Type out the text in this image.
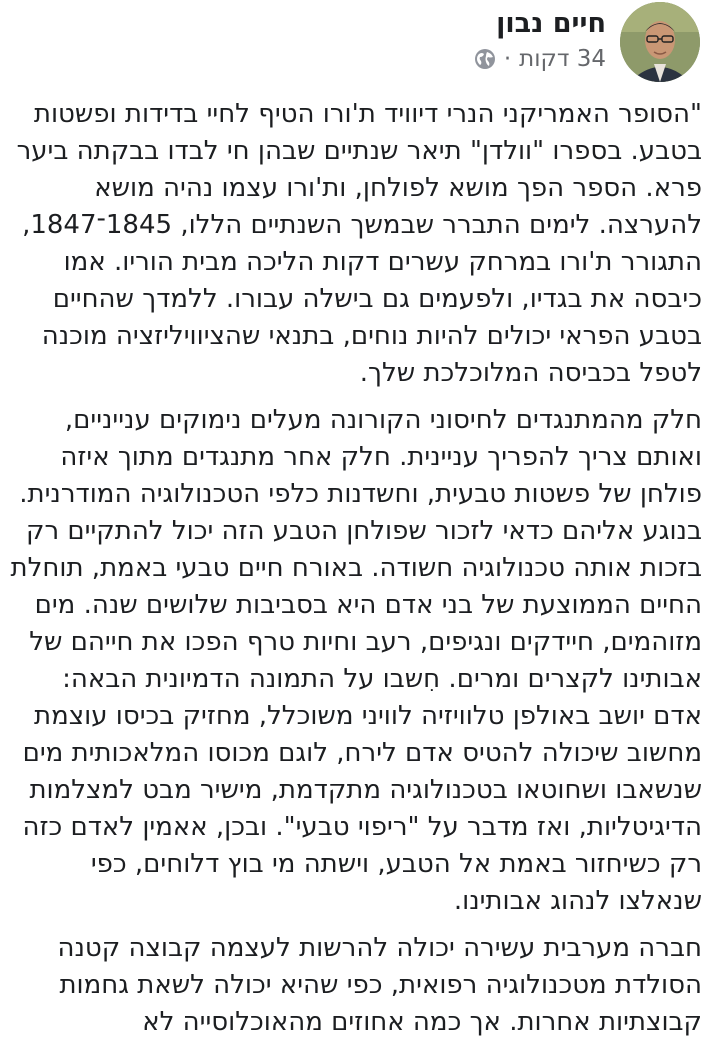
חיים נבון
34 דקות
·

"הסופר האמריקני הנרי דיוויד ת'ורו הטיף לחיי בדידות ופשטות בטבע. בספרו "וולדן" תיאר שנתיים שבהן חי לבדו בבקתה ביער פרא. הספר הפך מושא לפולחן, ות'ורו עצמו נהיה מושא להערצה. לימים התברר שבמשך השנתיים הללו, 1845־1847, התגורר ת'ורו במרחק עשרים דקות הליכה מבית הוריו. אמו כיבסה את בגדיו, ולפעמים גם בישלה עבורו. ללמדך שהחיים בטבע הפראי יכולים להיות נוחים, בתנאי שהציוויליזציה מוכנה לטפל בכביסה המלוכלכת שלך.

חלק מהמתנגדים לחיסוני הקורונה מעלים נימוקים ענייניים, ואותם צריך להפריך עניינית. חלק אחר מתנגדים מתוך איזה פולחן של פשטות טבעית, וחשדנות כלפי הטכנולוגיה המודרנית. בנוגע אליהם כדאי לזכור שפולחן הטבע הזה יכול להתקיים רק בזכות אותה טכנולוגיה חשודה. באורח חיים טבעי באמת, תוחלת החיים הממוצעת של בני אדם היא בסביבות שלושים שנה. מים מזוהמים, חיידקים ונגיפים, רעב וחיות טרף הפכו את חייהם של אבותינו לקצרים ומרים. חִשבו על התמונה הדמיונית הבאה: אדם יושב באולפן טלוויזיה לוויני משוכלל, מחזיק בכיסו עוצמת מחשוב שיכולה להטיס אדם לירח, לוגם מכוסו המלאכותית מים שנשאבו ושחוטאו בטכנולוגיה מתקדמת, מישיר מבט למצלמות הדיגיטליות, ואז מדבר על "ריפוי טבעי". ובכן, אאמין לאדם כזה רק כשיחזור באמת אל הטבע, וישתה מי בוץ דלוחים, כפי שנאלצו לנהוג אבותינו.

חברה מערבית עשירה יכולה להרשות לעצמה קבוצה קטנה הסולדת מטכנולוגיה רפואית, כפי שהיא יכולה לשאת גחמות קבוצתיות אחרות. אך כמה אחוזים מהאוכלוסייה לא
